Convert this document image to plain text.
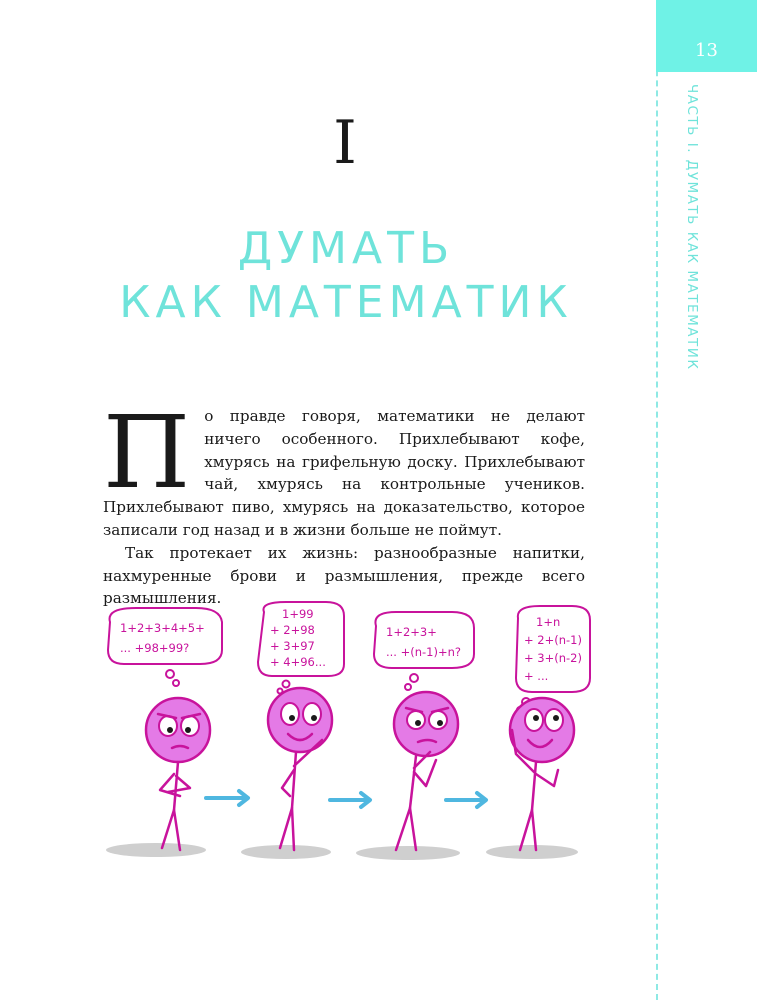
13
ЧАСТЬ I. ДУМАТЬ КАК МАТЕМАТИК
I
ДУМАТЬ
КАК МАТЕМАТИК

По правде говоря, математики не делают ничего особенного. Прихлебывают кофе, хмурясь на грифельную доску. Прихлебывают чай, хмурясь на контрольные учеников. Прихлебывают пиво, хмурясь на доказательство, которое записали год назад и в жизни больше не поймут.

Так протекает их жизнь: разнообразные напитки, нахмуренные брови и размышления, прежде всего размышления.

1+2+3+4+5+
... +98+99?
1+99
+ 2+98
+ 3+97
+ 4+96...
1+2+3+
... +(n-1)+n?
1+n
+ 2+(n-1)
+ 3+(n-2)
+ ...
